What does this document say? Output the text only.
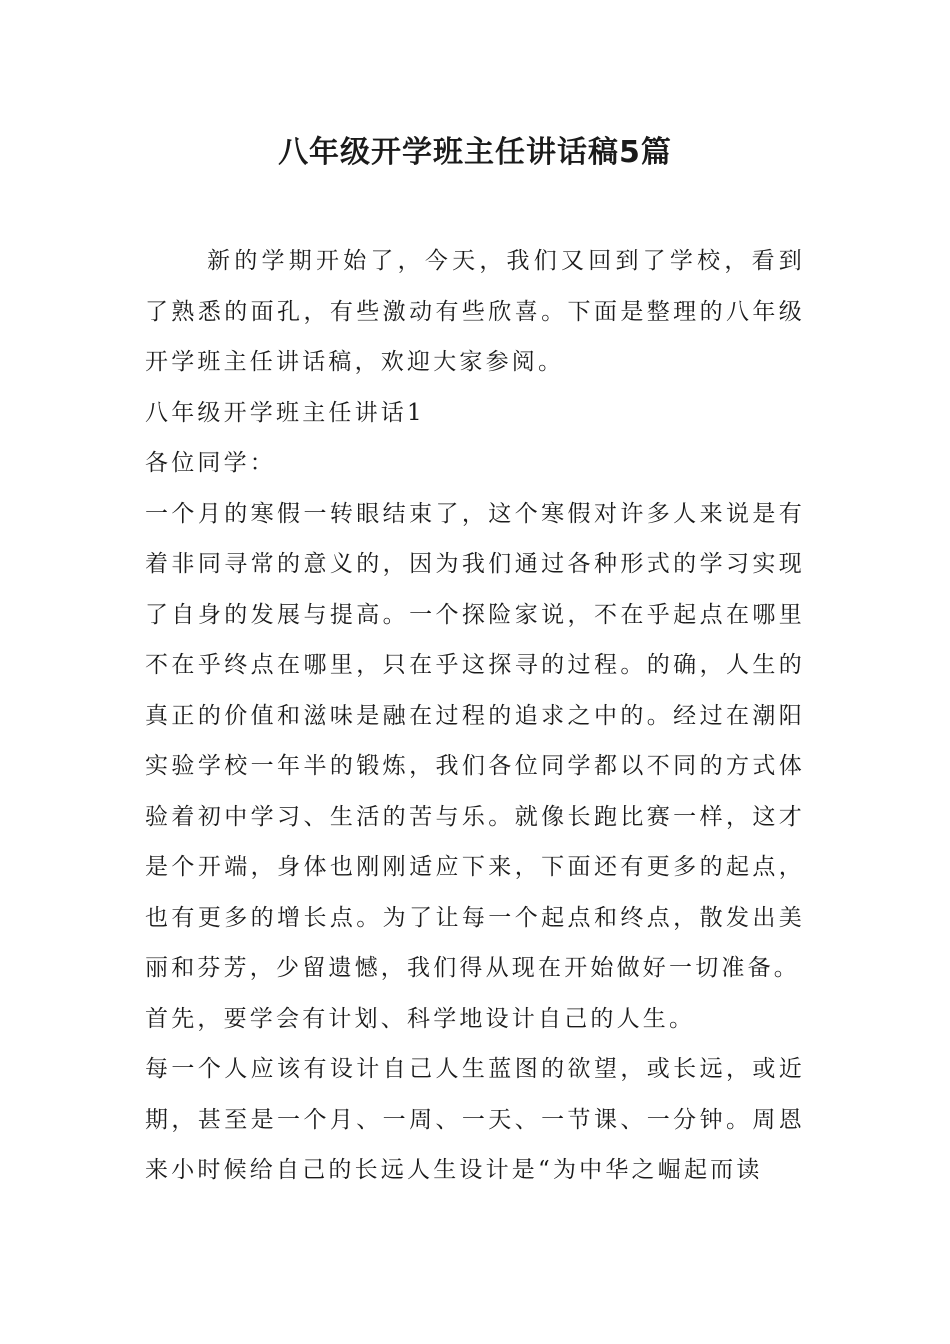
八年级开学班主任讲话稿5篇

新的学期开始了，今天，我们又回到了学校，看到了熟悉的面孔，有些激动有些欣喜。下面是整理的八年级开学班主任讲话稿，欢迎大家参阅。

八年级开学班主任讲话1

各位同学：

一个月的寒假一转眼结束了，这个寒假对许多人来说是有着非同寻常的意义的，因为我们通过各种形式的学习实现了自身的发展与提高。一个探险家说，不在乎起点在哪里不在乎终点在哪里，只在乎这探寻的过程。的确，人生的真正的价值和滋味是融在过程的追求之中的。经过在潮阳实验学校一年半的锻炼，我们各位同学都以不同的方式体验着初中学习、生活的苦与乐。就像长跑比赛一样，这才是个开端，身体也刚刚适应下来，下面还有更多的起点，也有更多的增长点。为了让每一个起点和终点，散发出美丽和芬芳，少留遗憾，我们得从现在开始做好一切准备。

首先，要学会有计划、科学地设计自己的人生。

每一个人应该有设计自己人生蓝图的欲望，或长远，或近期，甚至是一个月、一周、一天、一节课、一分钟。周恩来小时候给自己的长远人生设计是“为中华之崛起而读
